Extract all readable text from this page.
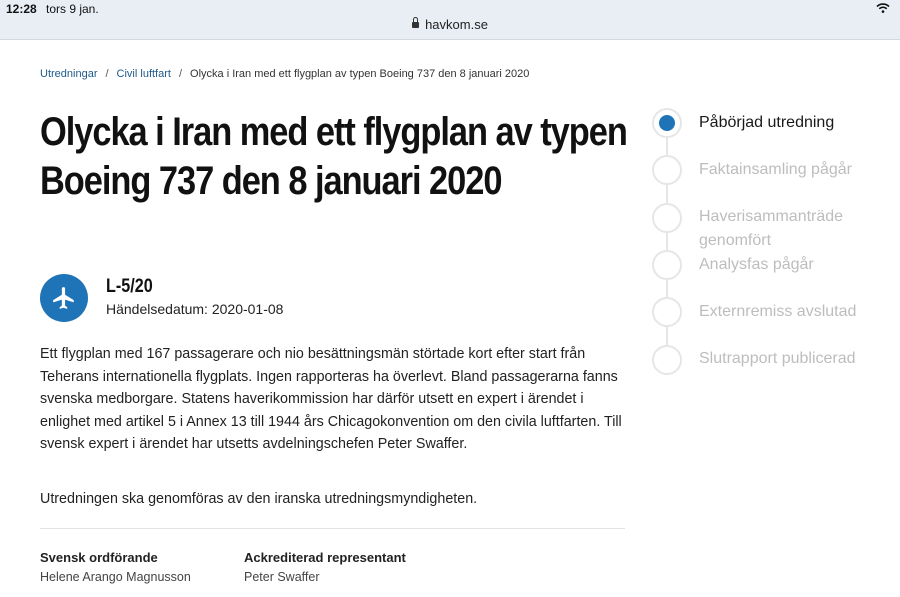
12:28 tors 9 jan.
havkom.se
Utredningar / Civil luftfart / Olycka i Iran med ett flygplan av typen Boeing 737 den 8 januari 2020
Olycka i Iran med ett flygplan av typen Boeing 737 den 8 januari 2020
L-5/20
Händelsedatum: 2020-01-08

Ett flygplan med 167 passagerare och nio besättningsmän störtade kort efter start från Teherans internationella flygplats. Ingen rapporteras ha överlevt. Bland passagerarna fanns svenska medborgare. Statens haverikommission har därför utsett en expert i ärendet i enlighet med artikel 5 i Annex 13 till 1944 års Chicagokonvention om den civila luftfarten. Till svensk expert i ärendet har utsetts avdelningschefen Peter Swaffer.

Utredningen ska genomföras av den iranska utredningsmyndigheten.

Svensk ordförande
Helene Arango Magnusson
Ackrediterad representant
Peter Swaffer
Påbörjad utredning
Faktainsamling pågår
Haverisammanträde genomfört
Analysfas pågår
Externremiss avslutad
Slutrapport publicerad
